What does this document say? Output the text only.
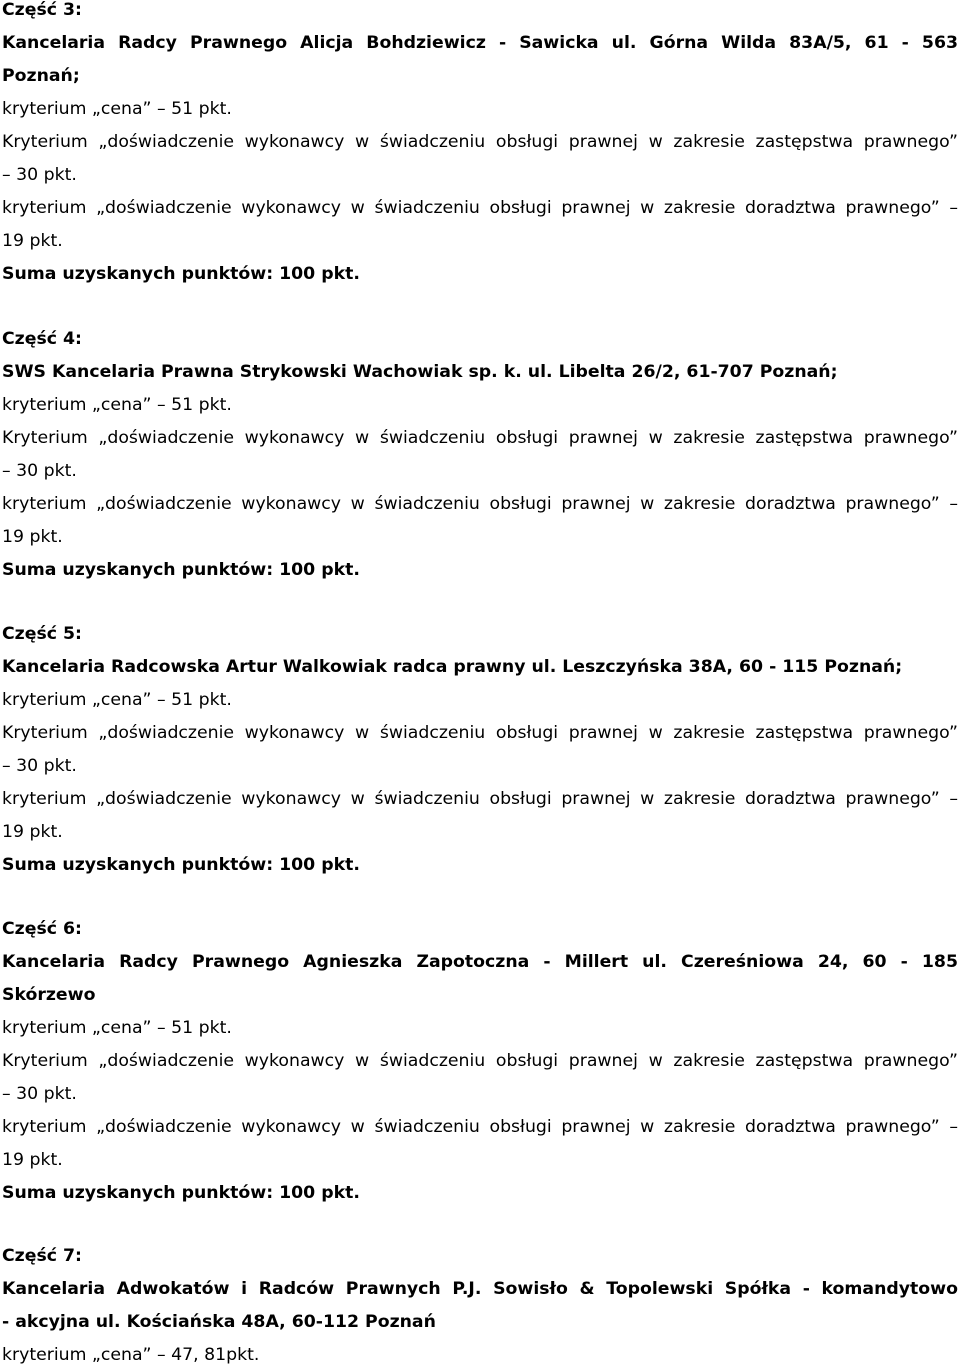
Część 3:
Kancelaria Radcy Prawnego Alicja Bohdziewicz - Sawicka ul. Górna Wilda 83A/5, 61 - 563
Poznań;
kryterium „cena” – 51 pkt.
Kryterium „doświadczenie wykonawcy w świadczeniu obsługi prawnej w zakresie zastępstwa prawnego”
– 30 pkt.
kryterium „doświadczenie wykonawcy w świadczeniu obsługi prawnej w zakresie doradztwa prawnego” –
19 pkt.
Suma uzyskanych punktów: 100 pkt.
Część 4:
SWS Kancelaria Prawna Strykowski Wachowiak sp. k. ul. Libelta 26/2, 61-707 Poznań;
kryterium „cena” – 51 pkt.
Kryterium „doświadczenie wykonawcy w świadczeniu obsługi prawnej w zakresie zastępstwa prawnego”
– 30 pkt.
kryterium „doświadczenie wykonawcy w świadczeniu obsługi prawnej w zakresie doradztwa prawnego” –
19 pkt.
Suma uzyskanych punktów: 100 pkt.
Część 5:
Kancelaria Radcowska Artur Walkowiak radca prawny ul. Leszczyńska 38A, 60 - 115 Poznań;
kryterium „cena” – 51 pkt.
Kryterium „doświadczenie wykonawcy w świadczeniu obsługi prawnej w zakresie zastępstwa prawnego”
– 30 pkt.
kryterium „doświadczenie wykonawcy w świadczeniu obsługi prawnej w zakresie doradztwa prawnego” –
19 pkt.
Suma uzyskanych punktów: 100 pkt.
Część 6:
Kancelaria Radcy Prawnego Agnieszka Zapotoczna - Millert ul. Czereśniowa 24, 60 - 185
Skórzewo
kryterium „cena” – 51 pkt.
Kryterium „doświadczenie wykonawcy w świadczeniu obsługi prawnej w zakresie zastępstwa prawnego”
– 30 pkt.
kryterium „doświadczenie wykonawcy w świadczeniu obsługi prawnej w zakresie doradztwa prawnego” –
19 pkt.
Suma uzyskanych punktów: 100 pkt.
Część 7:
Kancelaria Adwokatów i Radców Prawnych P.J. Sowisło & Topolewski Spółka - komandytowo
- akcyjna ul. Kościańska 48A, 60-112 Poznań
kryterium „cena” – 47, 81pkt.
